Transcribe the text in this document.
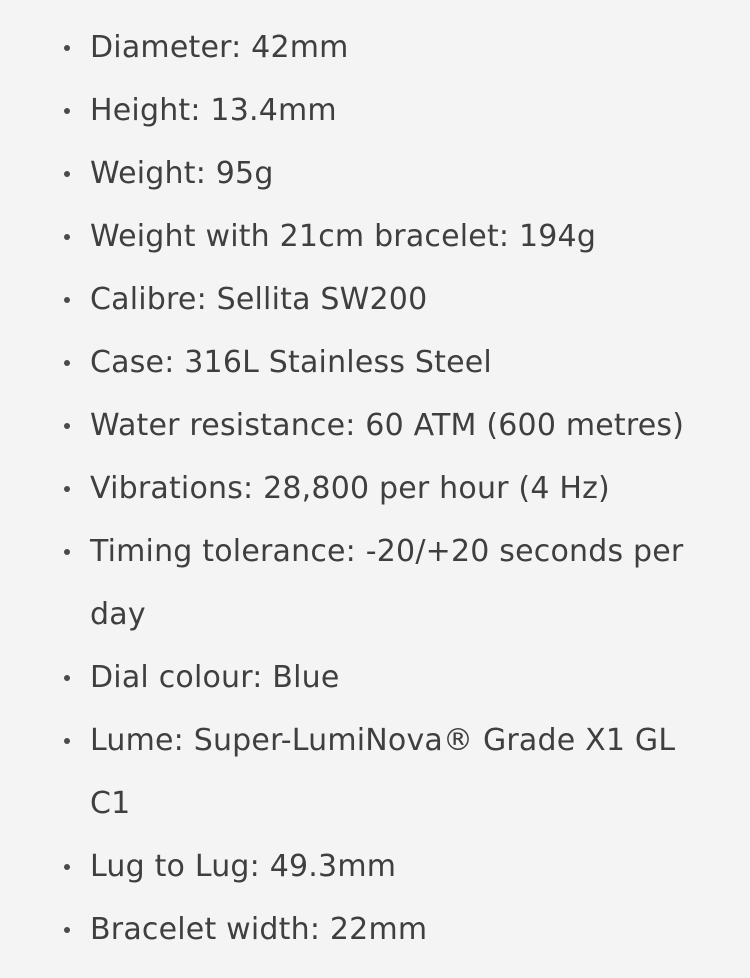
Diameter: 42mm
Height: 13.4mm
Weight: 95g
Weight with 21cm bracelet: 194g
Calibre: Sellita SW200
Case: 316L Stainless Steel
Water resistance: 60 ATM (600 metres)
Vibrations: 28,800 per hour (4 Hz)
Timing tolerance: -20/+20 seconds per day
Dial colour: Blue
Lume: Super-LumiNova® Grade X1 GL C1
Lug to Lug: 49.3mm
Bracelet width: 22mm
